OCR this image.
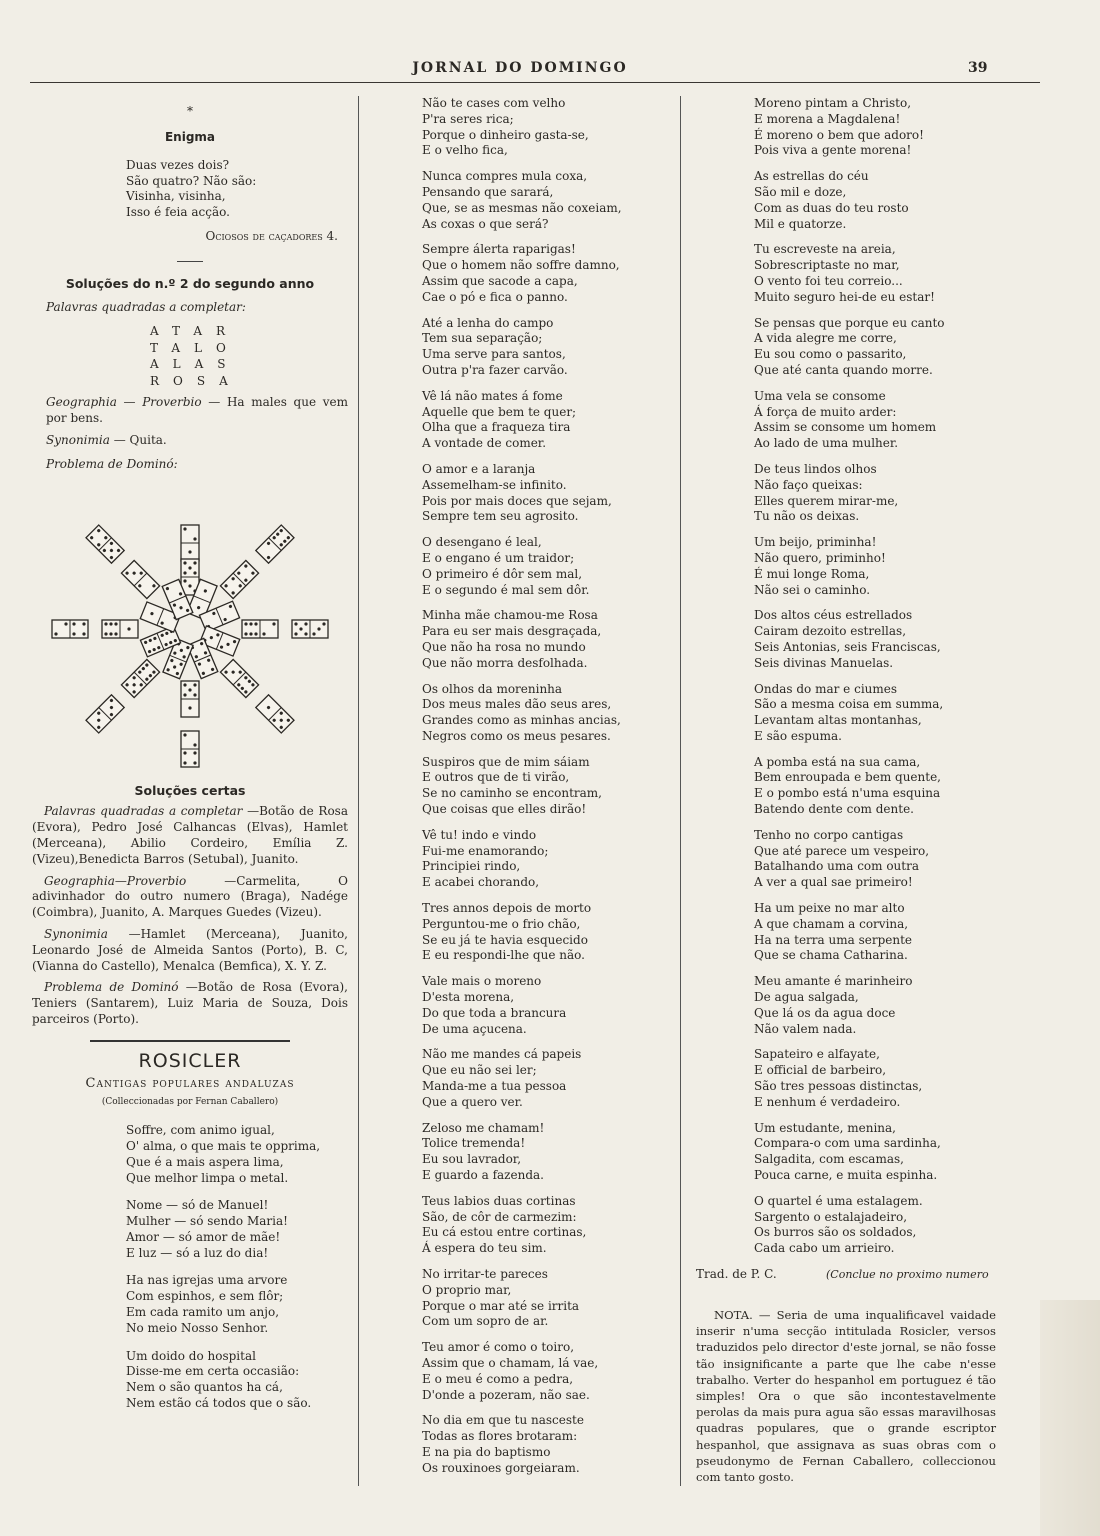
JORNAL DO DOMINGO	39
*
Enigma
Duas vezes dois?
São quatro? Não são:
Visinha, visinha,
Isso é feia acção.
Ociosos de caçadores 4.
Soluções do n.º 2 do segundo anno
Palavras quadradas a completar:
ATAR
TALO
ALAS
ROSA
Geographia — Proverbio — Ha males que vem por bens.
Synonimia — Quita.
Problema de Dominó:
Soluções certas
Palavras quadradas a completar —Botão de Rosa (Evora), Pedro José Calhancas (Elvas), Hamlet (Merceana), Abilio Cordeiro, Emília Z. (Vizeu),Benedicta Barros (Setubal), Juanito.
Geographia—Proverbio —Carmelita, O adivinhador do outro numero (Braga), Nadége (Coimbra), Juanito, A. Marques Guedes (Vizeu).
Synonimia —Hamlet (Merceana), Juanito, Leonardo José de Almeida Santos (Porto), B. C, (Vianna do Castello), Menalca (Bemfica), X. Y. Z.
Problema de Dominó —Botão de Rosa (Evora), Teniers (Santarem), Luiz Maria de Souza, Dois parceiros (Porto).
ROSICLER
Cantigas populares andaluzas
(Colleccionadas por Fernan Caballero)
Soffre, com animo igual,
O' alma, o que mais te opprima,
Que é a mais aspera lima,
Que melhor limpa o metal.
Nome — só de Manuel!
Mulher — só sendo Maria!
Amor — só amor de mãe!
E luz — só a luz do dia!
Ha nas igrejas uma arvore
Com espinhos, e sem flôr;
Em cada ramito um anjo,
No meio Nosso Senhor.
Um doido do hospital
Disse-me em certa occasião:
Nem o são quantos ha cá,
Nem estão cá todos que o são.
Não te cases com velho
P'ra seres rica;
Porque o dinheiro gasta-se,
E o velho fica,
Nunca compres mula coxa,
Pensando que sarará,
Que, se as mesmas não coxeiam,
As coxas o que será?
Sempre álerta raparigas!
Que o homem não soffre damno,
Assim que sacode a capa,
Cae o pó e fica o panno.
Até a lenha do campo
Tem sua separação;
Uma serve para santos,
Outra p'ra fazer carvão.
Vê lá não mates á fome
Aquelle que bem te quer;
Olha que a fraqueza tira
A vontade de comer.
O amor e a laranja
Assemelham-se infinito.
Pois por mais doces que sejam,
Sempre tem seu agrosito.
O desengano é leal,
E o engano é um traidor;
O primeiro é dôr sem mal,
E o segundo é mal sem dôr.
Minha mãe chamou-me Rosa
Para eu ser mais desgraçada,
Que não ha rosa no mundo
Que não morra desfolhada.
Os olhos da moreninha
Dos meus males dão seus ares,
Grandes como as minhas ancias,
Negros como os meus pesares.
Suspiros que de mim sáiam
E outros que de ti virão,
Se no caminho se encontram,
Que coisas que elles dirão!
Vê tu! indo e vindo
Fui-me enamorando;
Principiei rindo,
E acabei chorando,
Tres annos depois de morto
Perguntou-me o frio chão,
Se eu já te havia esquecido
E eu respondi-lhe que não.
Vale mais o moreno
D'esta morena,
Do que toda a brancura
De uma açucena.
Não me mandes cá papeis
Que eu não sei ler;
Manda-me a tua pessoa
Que a quero ver.
Zeloso me chamam!
Tolice tremenda!
Eu sou lavrador,
E guardo a fazenda.
Teus labios duas cortinas
São, de côr de carmezim:
Eu cá estou entre cortinas,
Á espera do teu sim.
No irritar-te pareces
O proprio mar,
Porque o mar até se irrita
Com um sopro de ar.
Teu amor é como o toiro,
Assim que o chamam, lá vae,
E o meu é como a pedra,
D'onde a pozeram, não sae.
No dia em que tu nasceste
Todas as flores brotaram:
E na pia do baptismo
Os rouxinoes gorgeiaram.
Moreno pintam a Christo,
E morena a Magdalena!
É moreno o bem que adoro!
Pois viva a gente morena!
As estrellas do céu
São mil e doze,
Com as duas do teu rosto
Mil e quatorze.
Tu escreveste na areia,
Sobrescriptaste no mar,
O vento foi teu correio...
Muito seguro hei-de eu estar!
Se pensas que porque eu canto
A vida alegre me corre,
Eu sou como o passarito,
Que até canta quando morre.
Uma vela se consome
Á força de muito arder:
Assim se consome um homem
Ao lado de uma mulher.
De teus lindos olhos
Não faço queixas:
Elles querem mirar-me,
Tu não os deixas.
Um beijo, priminha!
Não quero, priminho!
É mui longe Roma,
Não sei o caminho.
Dos altos céus estrellados
Cairam dezoito estrellas,
Seis Antonias, seis Franciscas,
Seis divinas Manuelas.
Ondas do mar e ciumes
São a mesma coisa em summa,
Levantam altas montanhas,
E são espuma.
A pomba está na sua cama,
Bem enroupada e bem quente,
E o pombo está n'uma esquina
Batendo dente com dente.
Tenho no corpo cantigas
Que até parece um vespeiro,
Batalhando uma com outra
A ver a qual sae primeiro!
Ha um peixe no mar alto
A que chamam a corvina,
Ha na terra uma serpente
Que se chama Catharina.
Meu amante é marinheiro
De agua salgada,
Que lá os da agua doce
Não valem nada.
Sapateiro e alfayate,
E official de barbeiro,
São tres pessoas distinctas,
E nenhum é verdadeiro.
Um estudante, menina,
Compara-o com uma sardinha,
Salgadita, com escamas,
Pouca carne, e muita espinha.
O quartel é uma estalagem.
Sargento o estalajadeiro,
Os burros são os soldados,
Cada cabo um arrieiro.
Trad. de P. C.	(Conclue no proximo numero
NOTA. — Seria de uma inqualificavel vaidade inserir n'uma secção intitulada Rosicler, versos traduzidos pelo director d'este jornal, se não fosse tão insignificante a parte que lhe cabe n'esse trabalho. Verter do hespanhol em portuguez é tão simples! Ora o que são incontestavelmente perolas da mais pura agua são essas maravilhosas quadras populares, que o grande escriptor hespanhol, que assignava as suas obras com o pseudonymo de Fernan Caballero, colleccionou com tanto gosto.
